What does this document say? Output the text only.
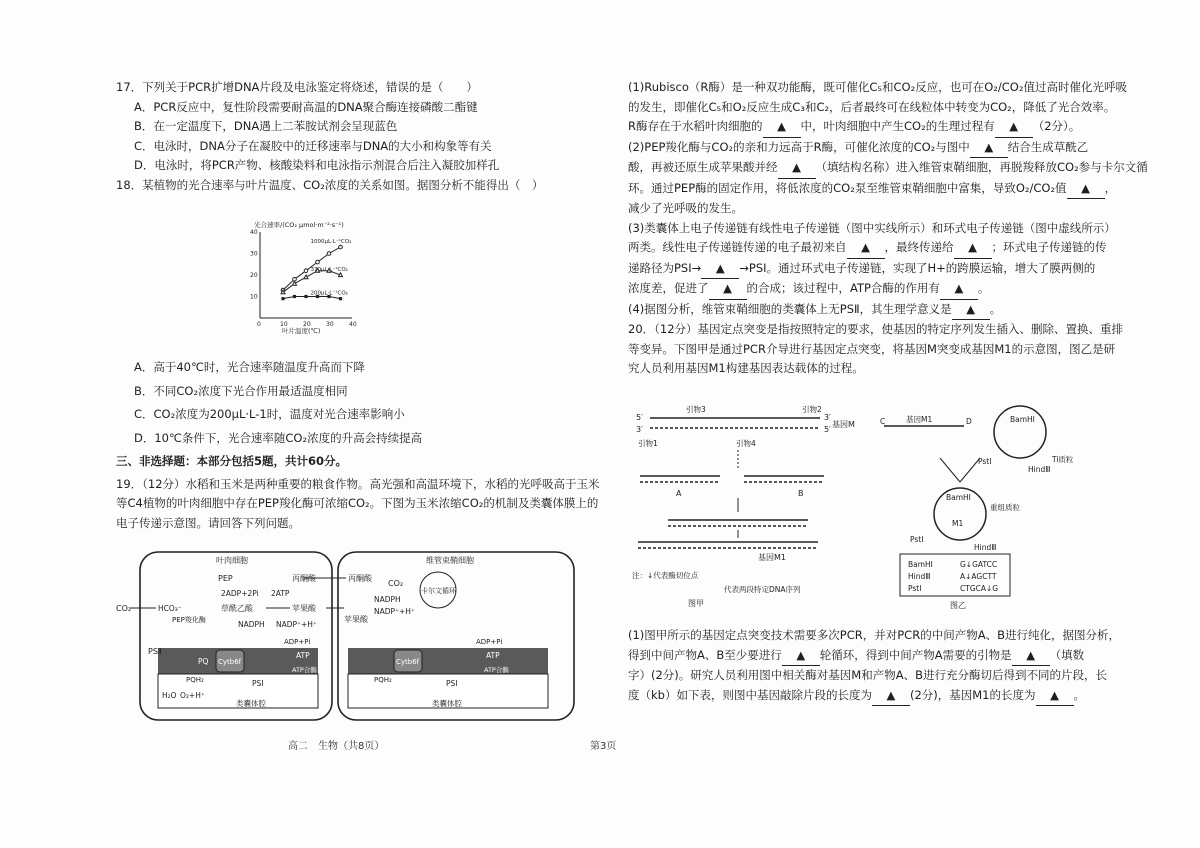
17．下列关于PCR扩增DNA片段及电泳鉴定将烧述，错误的是（　　）
A．PCR反应中，复性阶段需要耐高温的DNA聚合酶连接磷酸二酯键
B．在一定温度下，DNA遇上二苯胺试剂会呈现蓝色
C．电泳时，DNA分子在凝胶中的迁移速率与DNA的大小和构象等有关
D．电泳时，将PCR产物、核酸染料和电泳指示剂混合后注入凝胶加样孔
18．某植物的光合速率与叶片温度、CO₂浓度的关系如图。据图分析不能得出（　）
光合速率/(CO₂ μmol·m⁻²·s⁻¹)
0	10	20	30	40
10
20
30
40
1000μL·L⁻¹CO₂
370μL·L⁻¹CO₂
200μL·L⁻¹CO₂
叶片温度(℃)
A．高于40℃时，光合速率随温度升高而下降
B．不同CO₂浓度下光合作用最适温度相同
C．CO₂浓度为200μL·L-1时，温度对光合速率影响小
D．10℃条件下，光合速率随CO₂浓度的升高会持续提高
三、非选择题：本部分包括5题，共计60分。
19．（12分）水稻和玉米是两种重要的粮食作物。高光强和高温环境下，水稻的光呼吸高于玉米
等C4植物的叶肉细胞中存在PEP羧化酶可浓缩CO₂。下图为玉米浓缩CO₂的机制及类囊体膜上的
电子传递示意图。请回答下列问题。
叶肉细胞	维管束鞘细胞
CO₂	HCO₃⁻
PEP羧化酶
PEP	丙酮酸
2ADP+2Pi 2ATP
草酰乙酸	苹果酸
NADPH NADP⁺+H⁺
丙酮酸
CO₂
NADPH
NADP⁺+H⁺
苹果酸
卡尔文循环
PSⅡ
PQ Cytb6f
PQH₂
H₂O O₂+H⁺
PSⅠ
ATP
ADP+Pi
ATP合酶
类囊体腔
Cytb6f
PQH₂	PSⅠ
ADP+Pi
ATP
ATP合酶
类囊体腔
(1)Rubisco（R酶）是一种双功能酶，既可催化C₅和CO₂反应，也可在O₂/CO₂值过高时催化光呼吸
的发生，即催化C₅和O₂反应生成C₃和C₂，后者最终可在线粒体中转变为CO₂，降低了光合效率。
R酶存在于水稻叶肉细胞的 ▲ 中，叶肉细胞中产生CO₂的生理过程有 ▲ （2分）。
(2)PEP羧化酶与CO₂的亲和力远高于R酶，可催化浓度的CO₂与图中 ▲ 结合生成草酰乙
酸，再被还原生成苹果酸并经 ▲ （填结构名称）进入维管束鞘细胞，再脱羧释放CO₂参与卡尔文循
环。通过PEP酶的固定作用，将低浓度的CO₂泵至维管束鞘细胞中富集，导致O₂/CO₂值 ▲ ，
减少了光呼吸的发生。
(3)类囊体上电子传递链有线性电子传递链（图中实线所示）和环式电子传递链（图中虚线所示）
两类。线性电子传递链传递的电子最初来自 ▲ ，最终传递给 ▲ ；环式电子传递链的传
递路径为PSI→ ▲ →PSI。通过环式电子传递链，实现了H+的跨膜运输，增大了膜两侧的
浓度差，促进了 ▲ 的合成；该过程中，ATP合酶的作用有 ▲ 。
(4)据图分析，维管束鞘细胞的类囊体上无PSⅡ，其生理学意义是 ▲ 。
20．（12分）基因定点突变是指按照特定的要求，使基因的特定序列发生插入、删除、置换、重排
等变异。下图甲是通过PCR介导进行基因定点突变，将基因M突变成基因M1的示意图，图乙是研
究人员利用基因M1构建基因表达载体的过程。
5′	3′
3′	5′
基因M
引物3	引物2
引物1	引物4
A	B
基因M1
注：↓代表酶切位点
代表两段特定DNA序列
图甲
C	D
基因M1	BamHⅠ
Ti质粒
PstⅠ
HindⅢ
BamHⅠ
M1
重组质粒
PstⅠ
HindⅢ
BamHⅠ	G↓GATCC
HindⅢ	A↓AGCTT
PstⅠ	CTGCA↓G
图乙
(1)图甲所示的基因定点突变技术需要多次PCR，并对PCR的中间产物A、B进行纯化，据图分析，
得到中间产物A、B至少要进行 ▲ 轮循环，得到中间产物A需要的引物是 ▲ （填数
字）(2分)。研究人员利用图中相关酶对基因M和产物A、B进行充分酶切后得到不同的片段，长
度（kb）如下表，则图中基因敲除片段的长度为 ▲ (2分)，基因M1的长度为 ▲ 。
高二　生物（共8页）	第3页
